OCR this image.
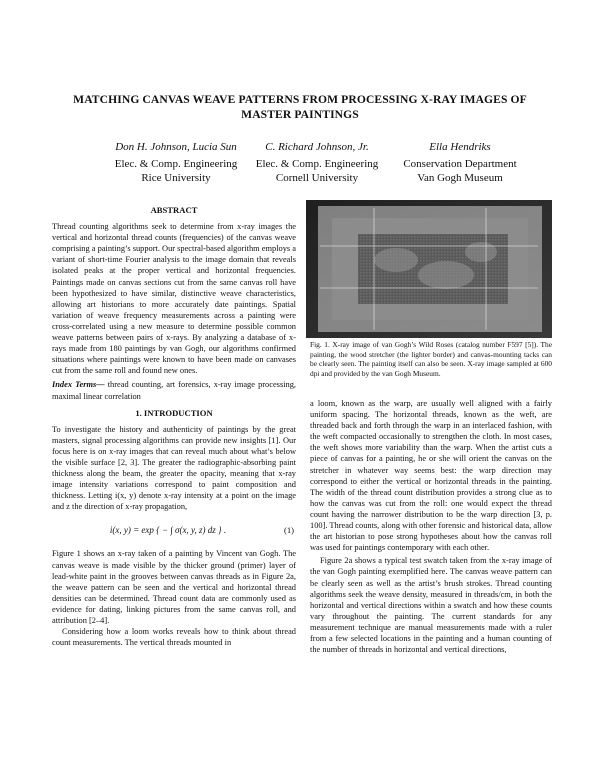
MATCHING CANVAS WEAVE PATTERNS FROM PROCESSING X-RAY IMAGES OF
MASTER PAINTINGS
Don H. Johnson, Lucia Sun
Elec. & Comp. Engineering
Rice University
C. Richard Johnson, Jr.
Elec. & Comp. Engineering
Cornell University
Ella Hendriks
Conservation Department
Van Gogh Museum
ABSTRACT

Thread counting algorithms seek to determine from x-ray images the vertical and horizontal thread counts (frequencies) of the canvas weave comprising a painting’s support. Our spectral-based algorithm employs a variant of short-time Fourier analysis to the image domain that reveals isolated peaks at the proper vertical and horizontal frequencies. Paintings made on canvas sections cut from the same canvas roll have been hypothesized to have similar, distinctive weave characteristics, allowing art historians to more accurately date paintings. Spatial variation of weave frequency measurements across a painting were cross-correlated using a new measure to determine possible common weave patterns between pairs of x-rays. By analyzing a database of x-rays made from 180 paintings by van Gogh, our algorithms confirmed situations where paintings were known to have been made on canvases cut from the same roll and found new ones.

Index Terms— thread counting, art forensics, x-ray image processing, maximal linear correlation

1. INTRODUCTION

To investigate the history and authenticity of paintings by the great masters, signal processing algorithms can provide new insights [1]. Our focus here is on x-ray images that can reveal much about what’s below the visible surface [2, 3]. The greater the radiographic-absorbing paint thickness along the beam, the greater the opacity, meaning that x-ray image intensity variations correspond to paint composition and thickness. Letting i(x, y) denote x-ray intensity at a point on the image and z the direction of x-ray propagation,

i(x, y) = exp { − ∫ σ(x, y, z) dz } .	(1)

Figure 1 shows an x-ray taken of a painting by Vincent van Gogh. The canvas weave is made visible by the thicker ground (primer) layer of lead-white paint in the grooves between canvas threads as in Figure 2a, the weave pattern can be seen and the vertical and horizontal thread densities can be determined. Thread count data are commonly used as evidence for dating, linking pictures from the same canvas roll, and attribution [2–4].

Considering how a loom works reveals how to think about thread count measurements. The vertical threads mounted in

Fig. 1. X-ray image of van Gogh’s Wild Roses (catalog number F597 [5]). The painting, the wood stretcher (the lighter border) and canvas-mounting tacks can be clearly seen. The painting itself can also be seen. X-ray image sampled at 600 dpi and provided by the van Gogh Museum.

a loom, known as the warp, are usually well aligned with a fairly uniform spacing. The horizontal threads, known as the weft, are threaded back and forth through the warp in an interlaced fashion, with the weft compacted occasionally to strengthen the cloth. In most cases, the weft shows more variability than the warp. When the artist cuts a piece of canvas for a painting, he or she will orient the canvas on the stretcher in whatever way seems best: the warp direction may correspond to either the vertical or horizontal threads in the painting. The width of the thread count distribution provides a strong clue as to how the canvas was cut from the roll: one would expect the thread count having the narrower distribution to be the warp direction [3, p. 100]. Thread counts, along with other forensic and historical data, allow the art historian to pose strong hypotheses about how the canvas roll was used for paintings contemporary with each other.

Figure 2a shows a typical test swatch taken from the x-ray image of the van Gogh painting exemplified here. The canvas weave pattern can be clearly seen as well as the artist’s brush strokes. Thread counting algorithms seek the weave density, measured in threads/cm, in both the horizontal and vertical directions within a swatch and how these counts vary throughout the painting. The current standards for any measurement technique are manual measurements made with a ruler from a few selected locations in the painting and a human counting of the number of threads in horizontal and vertical directions,
